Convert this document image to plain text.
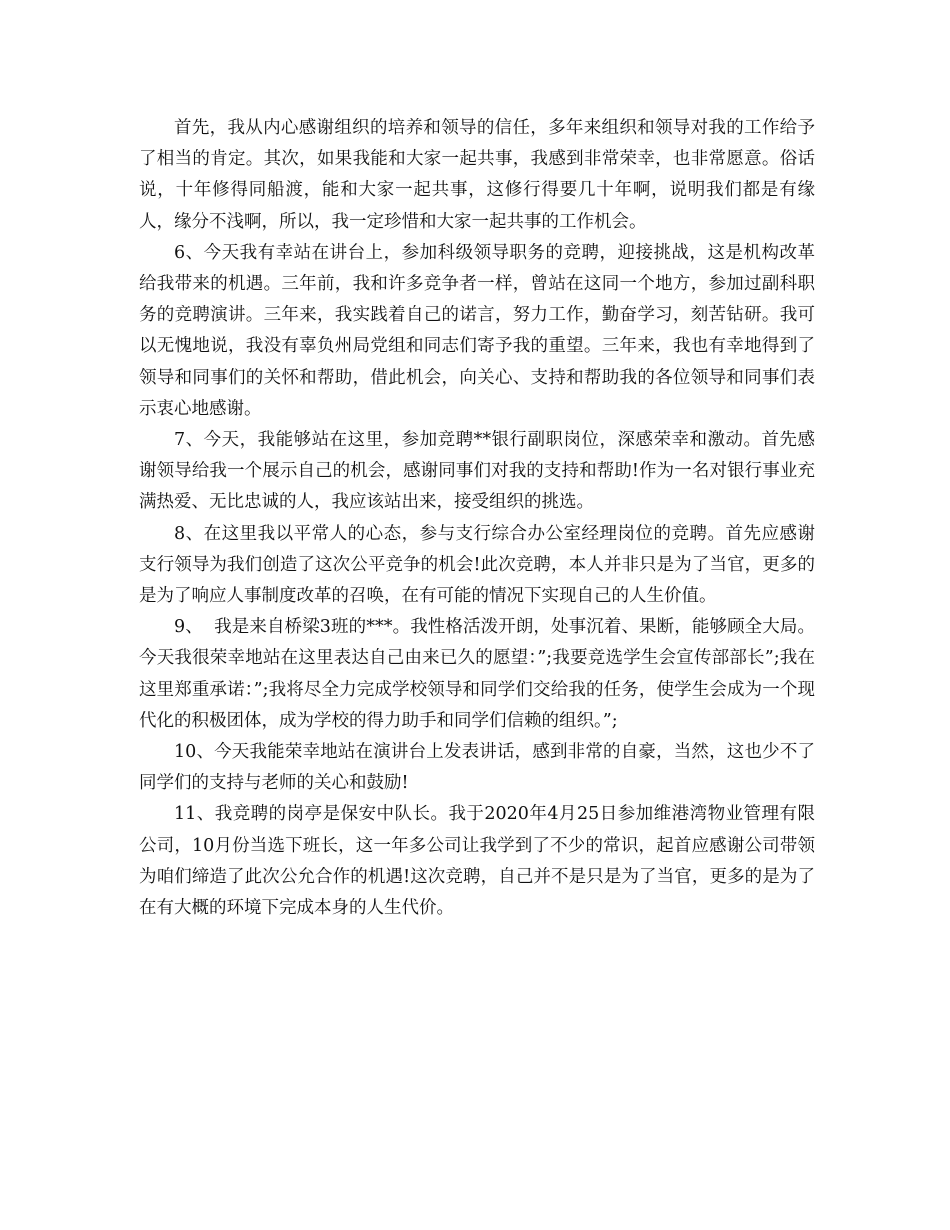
首先，我从内心感谢组织的培养和领导的信任，多年来组织和领导对我的工作给予了相当的肯定。其次，如果我能和大家一起共事，我感到非常荣幸，也非常愿意。俗话说，十年修得同船渡，能和大家一起共事，这修行得要几十年啊，说明我们都是有缘人，缘分不浅啊，所以，我一定珍惜和大家一起共事的工作机会。

6、今天我有幸站在讲台上，参加科级领导职务的竞聘，迎接挑战，这是机构改革给我带来的机遇。三年前，我和许多竞争者一样，曾站在这同一个地方，参加过副科职务的竞聘演讲。三年来，我实践着自己的诺言，努力工作，勤奋学习，刻苦钻研。我可以无愧地说，我没有辜负州局党组和同志们寄予我的重望。三年来，我也有幸地得到了领导和同事们的关怀和帮助，借此机会，向关心、支持和帮助我的各位领导和同事们表示衷心地感谢。

7、今天，我能够站在这里，参加竞聘**银行副职岗位，深感荣幸和激动。首先感谢领导给我一个展示自己的机会，感谢同事们对我的支持和帮助!作为一名对银行事业充满热爱、无比忠诚的人，我应该站出来，接受组织的挑选。

8、在这里我以平常人的心态，参与支行综合办公室经理岗位的竞聘。首先应感谢支行领导为我们创造了这次公平竞争的机会!此次竞聘，本人并非只是为了当官，更多的是为了响应人事制度改革的召唤，在有可能的情况下实现自己的人生价值。

9、  我是来自桥梁3班的***。我性格活泼开朗，处事沉着、果断，能够顾全大局。今天我很荣幸地站在这里表达自己由来已久的愿望：”;我要竞选学生会宣传部部长”;我在这里郑重承诺：”;我将尽全力完成学校领导和同学们交给我的任务，使学生会成为一个现代化的积极团体，成为学校的得力助手和同学们信赖的组织。”;

10、今天我能荣幸地站在演讲台上发表讲话，感到非常的自豪，当然，这也少不了同学们的支持与老师的关心和鼓励!

11、我竞聘的岗亭是保安中队长。我于2020年4月25日参加维港湾物业管理有限公司，10月份当选下班长，这一年多公司让我学到了不少的常识，起首应感谢公司带领为咱们缔造了此次公允合作的机遇!这次竞聘，自己并不是只是为了当官，更多的是为了在有大概的环境下完成本身的人生代价。
